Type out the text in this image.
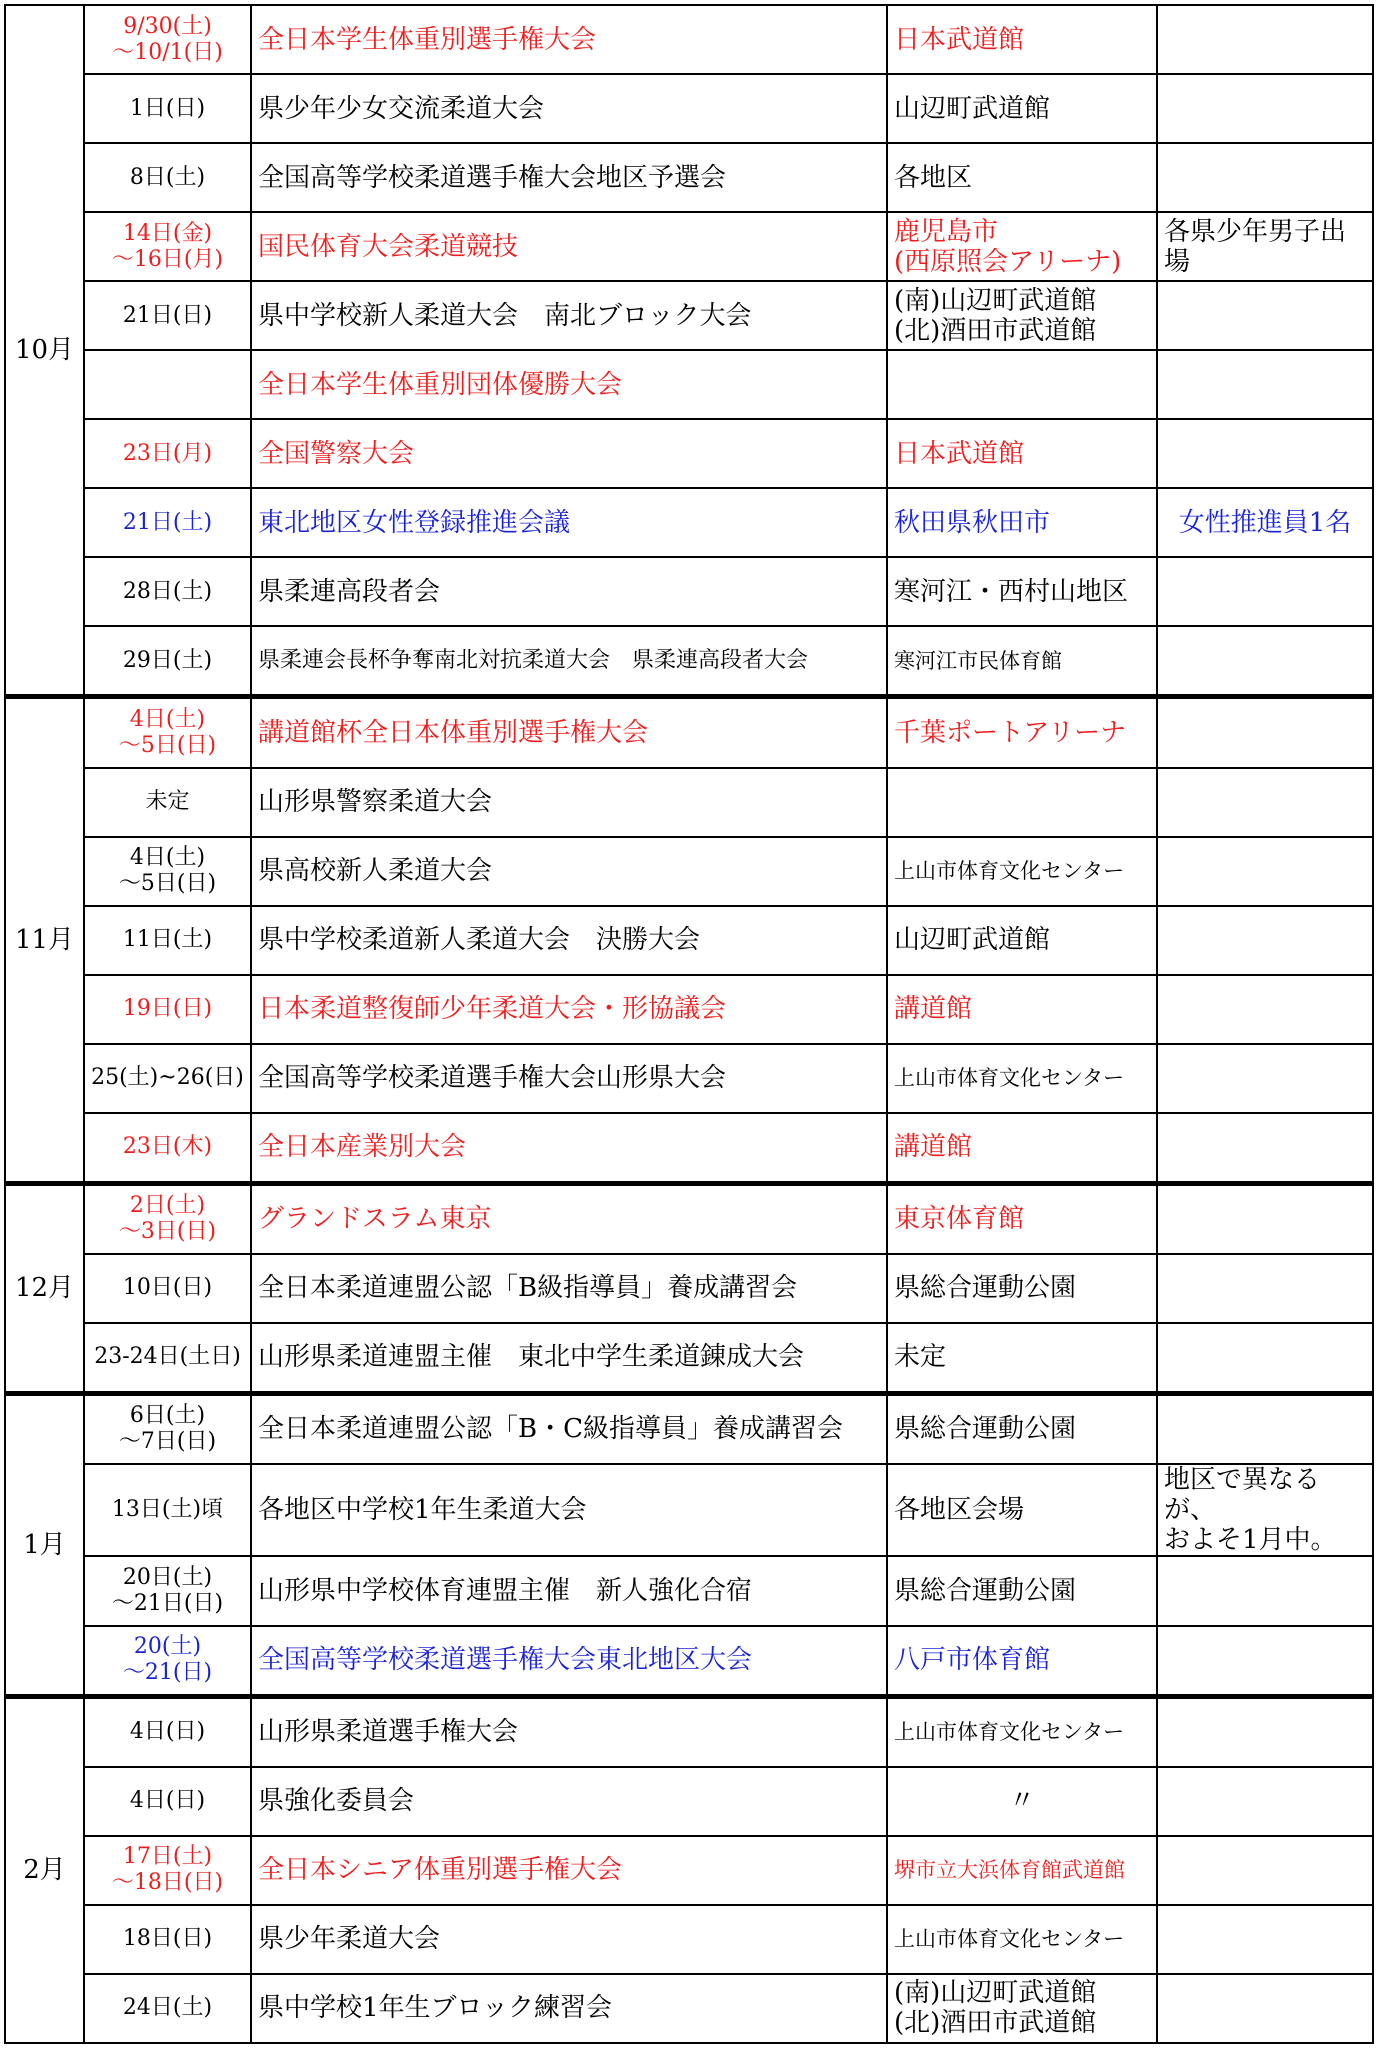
10月	9/30(土)
～10/1(日)	全日本学生体重別選手権大会	日本武道館	

	1日(日)	県少年少女交流柔道大会	山辺町武道館	

	8日(土)	全国高等学校柔道選手権大会地区予選会	各地区	

	14日(金)
～16日(月)	国民体育大会柔道競技	鹿児島市
(西原照会アリーナ)	各県少年男子出
場

	21日(日)	県中学校新人柔道大会　南北ブロック大会	(南)山辺町武道館
(北)酒田市武道館	

		全日本学生体重別団体優勝大会		

	23日(月)	全国警察大会	日本武道館	

	21日(土)	東北地区女性登録推進会議	秋田県秋田市	女性推進員1名

	28日(土)	県柔連高段者会	寒河江・西村山地区	

	29日(土)	県柔連会長杯争奪南北対抗柔道大会　県柔連高段者大会	寒河江市民体育館	

11月	4日(土)
～5日(日)	講道館杯全日本体重別選手権大会	千葉ポートアリーナ	

	未定	山形県警察柔道大会		

	4日(土)
～5日(日)	県高校新人柔道大会	上山市体育文化センター	

	11日(土)	県中学校柔道新人柔道大会　決勝大会	山辺町武道館	

	19日(日)	日本柔道整復師少年柔道大会・形協議会	講道館	

	25(土)~26(日)	全国高等学校柔道選手権大会山形県大会	上山市体育文化センター	

	23日(木)	全日本産業別大会	講道館	

12月	2日(土)
～3日(日)	グランドスラム東京	東京体育館	

	10日(日)	全日本柔道連盟公認「B級指導員」養成講習会	県総合運動公園	

	23-24日(土日)	山形県柔道連盟主催　東北中学生柔道錬成大会	未定	

1月	6日(土)
～7日(日)	全日本柔道連盟公認「B・C級指導員」養成講習会	県総合運動公園	

	13日(土)頃	各地区中学校1年生柔道大会	各地区会場	地区で異なるが、
およそ1月中。

	20日(土)
～21日(日)	山形県中学校体育連盟主催　新人強化合宿	県総合運動公園	

	20(土)
～21(日)	全国高等学校柔道選手権大会東北地区大会	八戸市体育館	

2月	4日(日)	山形県柔道選手権大会	上山市体育文化センター	

	4日(日)	県強化委員会	〃	

	17日(土)
～18日(日)	全日本シニア体重別選手権大会	堺市立大浜体育館武道館	

	18日(日)	県少年柔道大会	上山市体育文化センター	

	24日(土)	県中学校1年生ブロック練習会	(南)山辺町武道館
(北)酒田市武道館	
